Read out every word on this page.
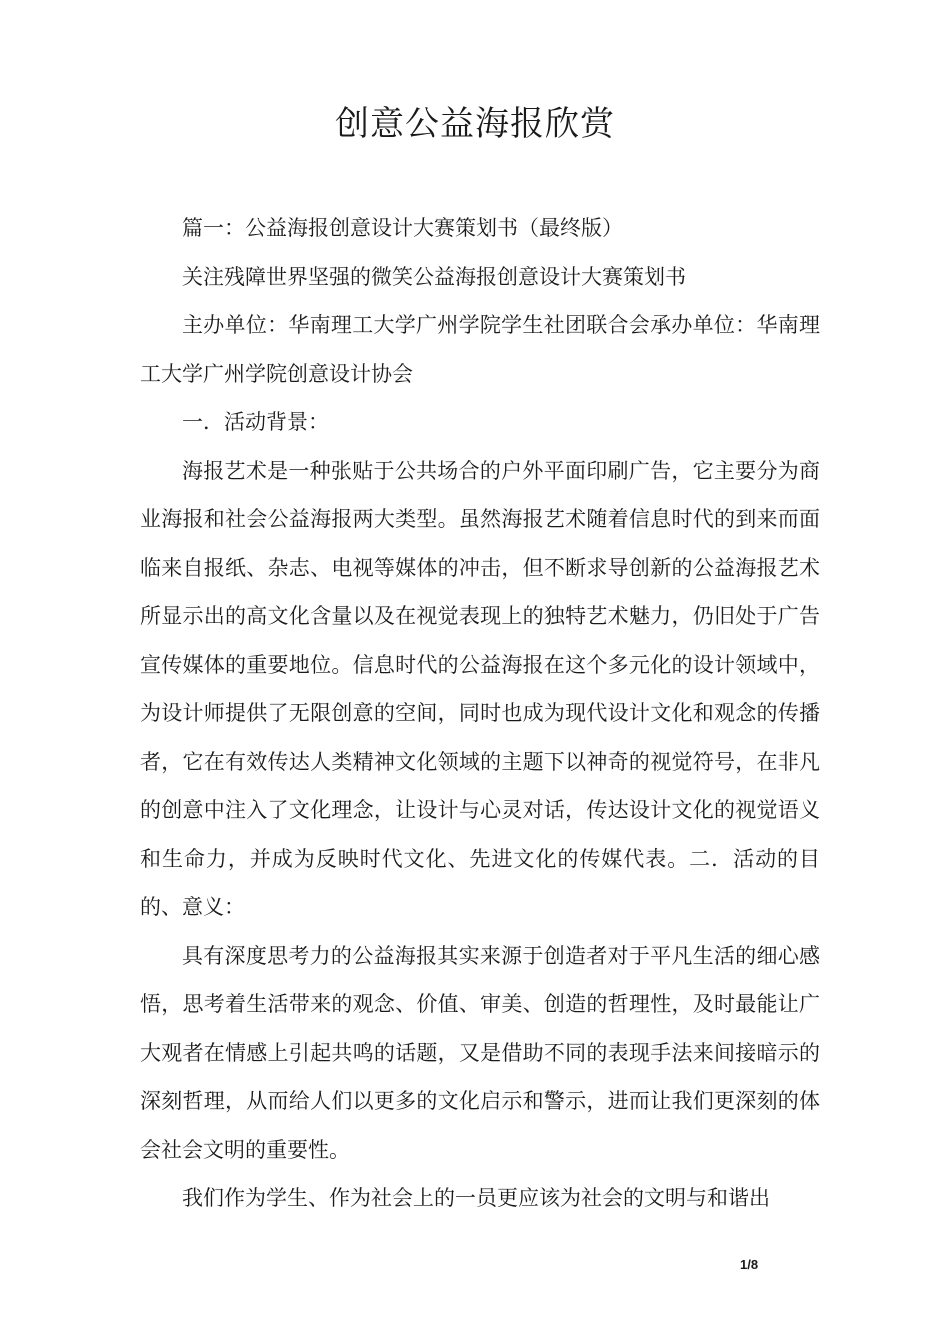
创意公益海报欣赏

篇一：公益海报创意设计大赛策划书（最终版）

关注残障世界坚强的微笑公益海报创意设计大赛策划书

主办单位：华南理工大学广州学院学生社团联合会承办单位：华南理工大学广州学院创意设计协会

一．活动背景：

海报艺术是一种张贴于公共场合的户外平面印刷广告，它主要分为商业海报和社会公益海报两大类型。虽然海报艺术随着信息时代的到来而面临来自报纸、杂志、电视等媒体的冲击，但不断求导创新的公益海报艺术所显示出的高文化含量以及在视觉表现上的独特艺术魅力，仍旧处于广告宣传媒体的重要地位。信息时代的公益海报在这个多元化的设计领域中，为设计师提供了无限创意的空间，同时也成为现代设计文化和观念的传播者，它在有效传达人类精神文化领域的主题下以神奇的视觉符号，在非凡的创意中注入了文化理念，让设计与心灵对话，传达设计文化的视觉语义和生命力，并成为反映时代文化、先进文化的传媒代表。二．活动的目的、意义：

具有深度思考力的公益海报其实来源于创造者对于平凡生活的细心感悟，思考着生活带来的观念、价值、审美、创造的哲理性，及时最能让广大观者在情感上引起共鸣的话题，又是借助不同的表现手法来间接暗示的深刻哲理，从而给人们以更多的文化启示和警示，进而让我们更深刻的体会社会文明的重要性。

我们作为学生、作为社会上的一员更应该为社会的文明与和谐出

1/8
